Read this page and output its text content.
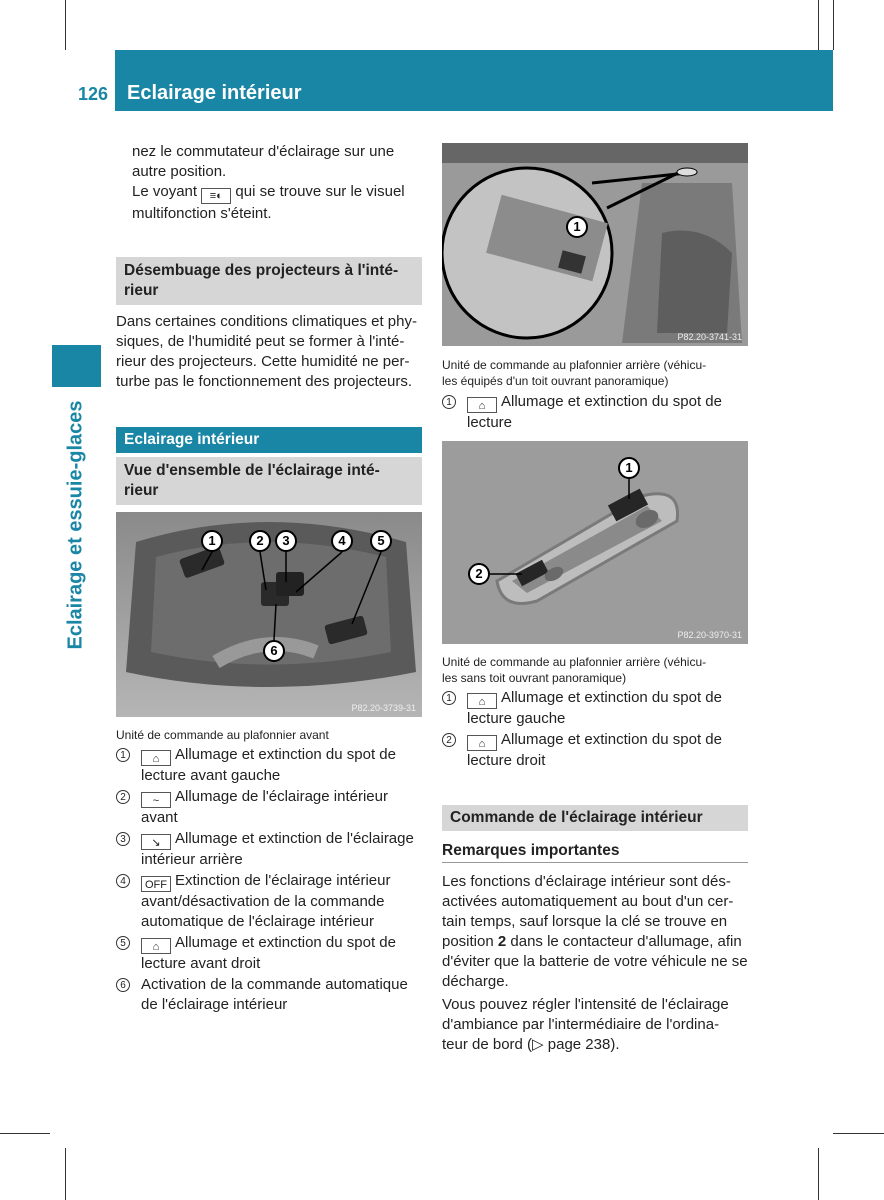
126 Eclairage intérieur
Eclairage et essuie-glaces
nez le commutateur d'éclairage sur une
autre position.
Le voyant ≡◐ qui se trouve sur le visuel
multifonction s'éteint.
Désembuage des projecteurs à l'inté-
rieur
Dans certaines conditions climatiques et phy-
siques, de l'humidité peut se former à l'inté-
rieur des projecteurs. Cette humidité ne per-
turbe pas le fonctionnement des projecteurs.
Eclairage intérieur
Vue d'ensemble de l'éclairage inté-
rieur
P82.20-3739-31
1	2	3	4	5
6
Unité de commande au plafonnier avant
1	⌂ Allumage et extinction du spot de
lecture avant gauche
2	~ Allumage de l'éclairage intérieur
avant
3	↘ Allumage et extinction de l'éclairage
intérieur arrière
4	OFF Extinction de l'éclairage intérieur
avant/désactivation de la commande
automatique de l'éclairage intérieur
5	⌂ Allumage et extinction du spot de
lecture avant droit
6 Activation de la commande automatique
de l'éclairage intérieur
P82.20-3741-31
1
Unité de commande au plafonnier arrière (véhicu-
les équipés d'un toit ouvrant panoramique)
1	⌂ Allumage et extinction du spot de
lecture
P82.20-3970-31
1
2
Unité de commande au plafonnier arrière (véhicu-
les sans toit ouvrant panoramique)
1	⌂ Allumage et extinction du spot de
lecture gauche
2	⌂ Allumage et extinction du spot de
lecture droit
Commande de l'éclairage intérieur
Remarques importantes
Les fonctions d'éclairage intérieur sont dés-
activées automatiquement au bout d'un cer-
tain temps, sauf lorsque la clé se trouve en
position 2 dans le contacteur d'allumage, afin
d'éviter que la batterie de votre véhicule ne se
décharge.
Vous pouvez régler l'intensité de l'éclairage
d'ambiance par l'intermédiaire de l'ordina-
teur de bord (▷ page 238).
